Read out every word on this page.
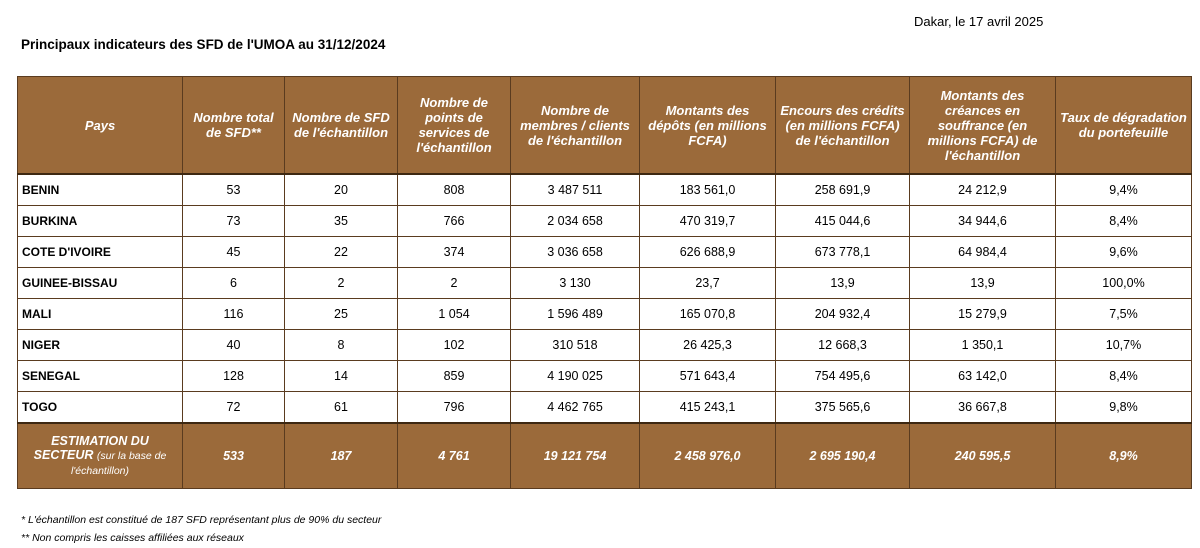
Dakar, le 17 avril 2025
Principaux indicateurs des SFD de l'UMOA au 31/12/2024
Pays	Nombre total de SFD**	Nombre de SFD de l'échantillon	Nombre de points de services de l'échantillon	Nombre de membres / clients de l'échantillon	Montants des dépôts (en millions FCFA)	Encours des crédits (en millions FCFA) de l'échantillon	Montants des créances en souffrance (en millions FCFA) de l'échantillon	Taux de dégradation du portefeuille
BENIN	53	20	808	3 487 511	183 561,0	258 691,9	24 212,9	9,4%
BURKINA	73	35	766	2 034 658	470 319,7	415 044,6	34 944,6	8,4%
COTE D'IVOIRE	45	22	374	3 036 658	626 688,9	673 778,1	64 984,4	9,6%
GUINEE-BISSAU	6	2	2	3 130	23,7	13,9	13,9	100,0%
MALI	116	25	1 054	1 596 489	165 070,8	204 932,4	15 279,9	7,5%
NIGER	40	8	102	310 518	26 425,3	12 668,3	1 350,1	10,7%
SENEGAL	128	14	859	4 190 025	571 643,4	754 495,6	63 142,0	8,4%
TOGO	72	61	796	4 462 765	415 243,1	375 565,6	36 667,8	9,8%
ESTIMATION DU SECTEUR (sur la base de l'échantillon)	533	187	4 761	19 121 754	2 458 976,0	2 695 190,4	240 595,5	8,9%
* L'échantillon est constitué de 187 SFD représentant plus de 90% du secteur
** Non compris les caisses affiliées aux réseaux
